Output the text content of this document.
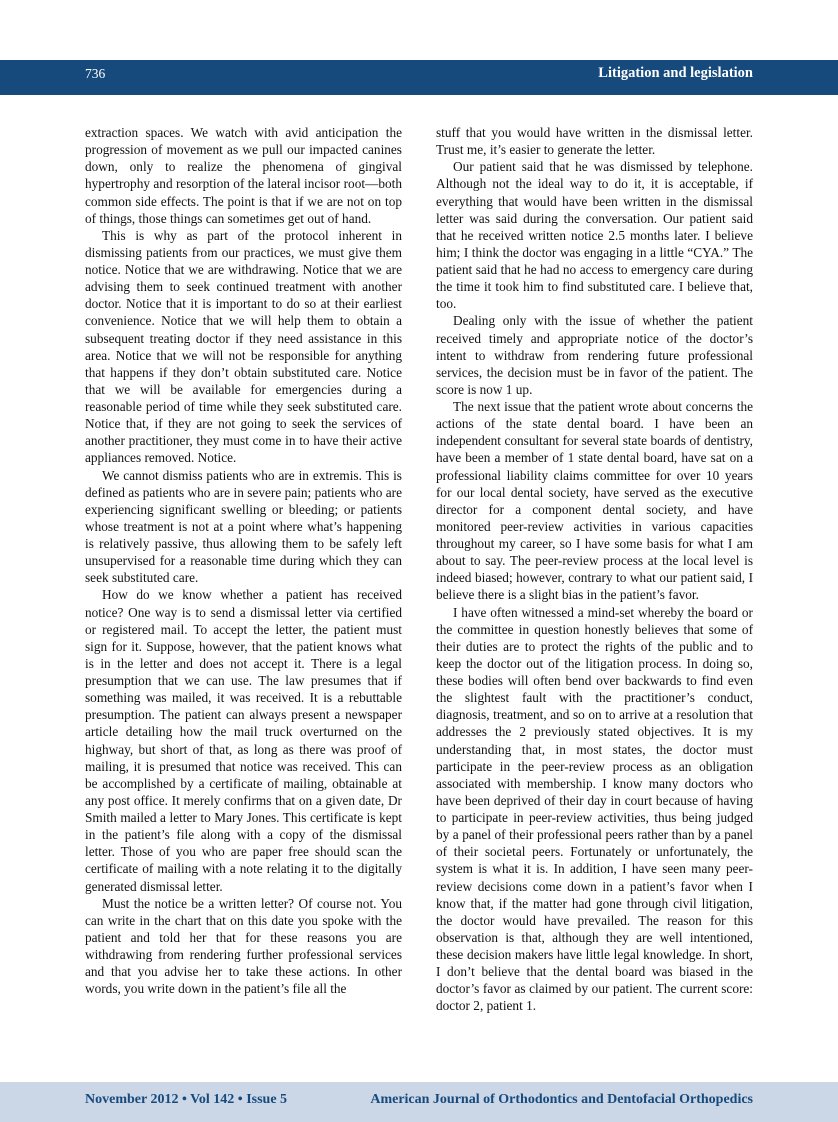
736	Litigation and legislation

extraction spaces. We watch with avid anticipation the progression of movement as we pull our impacted canines down, only to realize the phenomena of gingival hypertrophy and resorption of the lateral incisor root—both common side effects. The point is that if we are not on top of things, those things can sometimes get out of hand.

This is why as part of the protocol inherent in dismissing patients from our practices, we must give them notice. Notice that we are withdrawing. Notice that we are advising them to seek continued treatment with another doctor. Notice that it is important to do so at their earliest convenience. Notice that we will help them to obtain a subsequent treating doctor if they need assistance in this area. Notice that we will not be responsible for anything that happens if they don’t obtain substituted care. Notice that we will be available for emergencies during a reasonable period of time while they seek substituted care. Notice that, if they are not going to seek the services of another practitioner, they must come in to have their active appliances removed. Notice.

We cannot dismiss patients who are in extremis. This is defined as patients who are in severe pain; patients who are experiencing significant swelling or bleeding; or patients whose treatment is not at a point where what’s happening is relatively passive, thus allowing them to be safely left unsupervised for a reasonable time during which they can seek substituted care.

How do we know whether a patient has received notice? One way is to send a dismissal letter via certified or registered mail. To accept the letter, the patient must sign for it. Suppose, however, that the patient knows what is in the letter and does not accept it. There is a legal presumption that we can use. The law presumes that if something was mailed, it was received. It is a rebuttable presumption. The patient can always present a newspaper article detailing how the mail truck overturned on the highway, but short of that, as long as there was proof of mailing, it is presumed that notice was received. This can be accomplished by a certificate of mailing, obtainable at any post office. It merely confirms that on a given date, Dr Smith mailed a letter to Mary Jones. This certificate is kept in the patient’s file along with a copy of the dismissal letter. Those of you who are paper free should scan the certificate of mailing with a note relating it to the digitally generated dismissal letter.

Must the notice be a written letter? Of course not. You can write in the chart that on this date you spoke with the patient and told her that for these reasons you are withdrawing from rendering further professional services and that you advise her to take these actions. In other words, you write down in the patient’s file all the

stuff that you would have written in the dismissal letter. Trust me, it’s easier to generate the letter.

Our patient said that he was dismissed by telephone. Although not the ideal way to do it, it is acceptable, if everything that would have been written in the dismissal letter was said during the conversation. Our patient said that he received written notice 2.5 months later. I believe him; I think the doctor was engaging in a little “CYA.” The patient said that he had no access to emergency care during the time it took him to find substituted care. I believe that, too.

Dealing only with the issue of whether the patient received timely and appropriate notice of the doctor’s intent to withdraw from rendering future professional services, the decision must be in favor of the patient. The score is now 1 up.

The next issue that the patient wrote about concerns the actions of the state dental board. I have been an independent consultant for several state boards of dentistry, have been a member of 1 state dental board, have sat on a professional liability claims committee for over 10 years for our local dental society, have served as the executive director for a component dental society, and have monitored peer-review activities in various capacities throughout my career, so I have some basis for what I am about to say. The peer-review process at the local level is indeed biased; however, contrary to what our patient said, I believe there is a slight bias in the patient’s favor.

I have often witnessed a mind-set whereby the board or the committee in question honestly believes that some of their duties are to protect the rights of the public and to keep the doctor out of the litigation process. In doing so, these bodies will often bend over backwards to find even the slightest fault with the practitioner’s conduct, diagnosis, treatment, and so on to arrive at a resolution that addresses the 2 previously stated objectives. It is my understanding that, in most states, the doctor must participate in the peer-review process as an obligation associated with membership. I know many doctors who have been deprived of their day in court because of having to participate in peer-review activities, thus being judged by a panel of their professional peers rather than by a panel of their societal peers. Fortunately or unfortunately, the system is what it is. In addition, I have seen many peer-review decisions come down in a patient’s favor when I know that, if the matter had gone through civil litigation, the doctor would have prevailed. The reason for this observation is that, although they are well intentioned, these decision makers have little legal knowledge. In short, I don’t believe that the dental board was biased in the doctor’s favor as claimed by our patient. The current score: doctor 2, patient 1.

November 2012 • Vol 142 • Issue 5	American Journal of Orthodontics and Dentofacial Orthopedics
